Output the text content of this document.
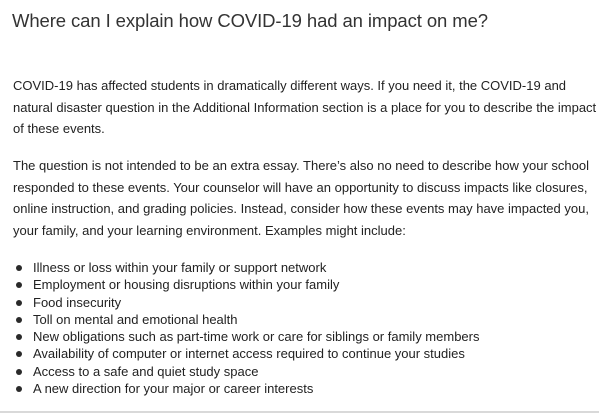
Where can I explain how COVID-19 had an impact on me?

COVID-19 has affected students in dramatically different ways. If you need it, the COVID-19 and
natural disaster question in the Additional Information section is a place for you to describe the impact
of these events.

The question is not intended to be an extra essay. There’s also no need to describe how your school
responded to these events. Your counselor will have an opportunity to discuss impacts like closures,
online instruction, and grading policies. Instead, consider how these events may have impacted you,
your family, and your learning environment. Examples might include:

Illness or loss within your family or support network
Employment or housing disruptions within your family
Food insecurity
Toll on mental and emotional health
New obligations such as part-time work or care for siblings or family members
Availability of computer or internet access required to continue your studies
Access to a safe and quiet study space
A new direction for your major or career interests
